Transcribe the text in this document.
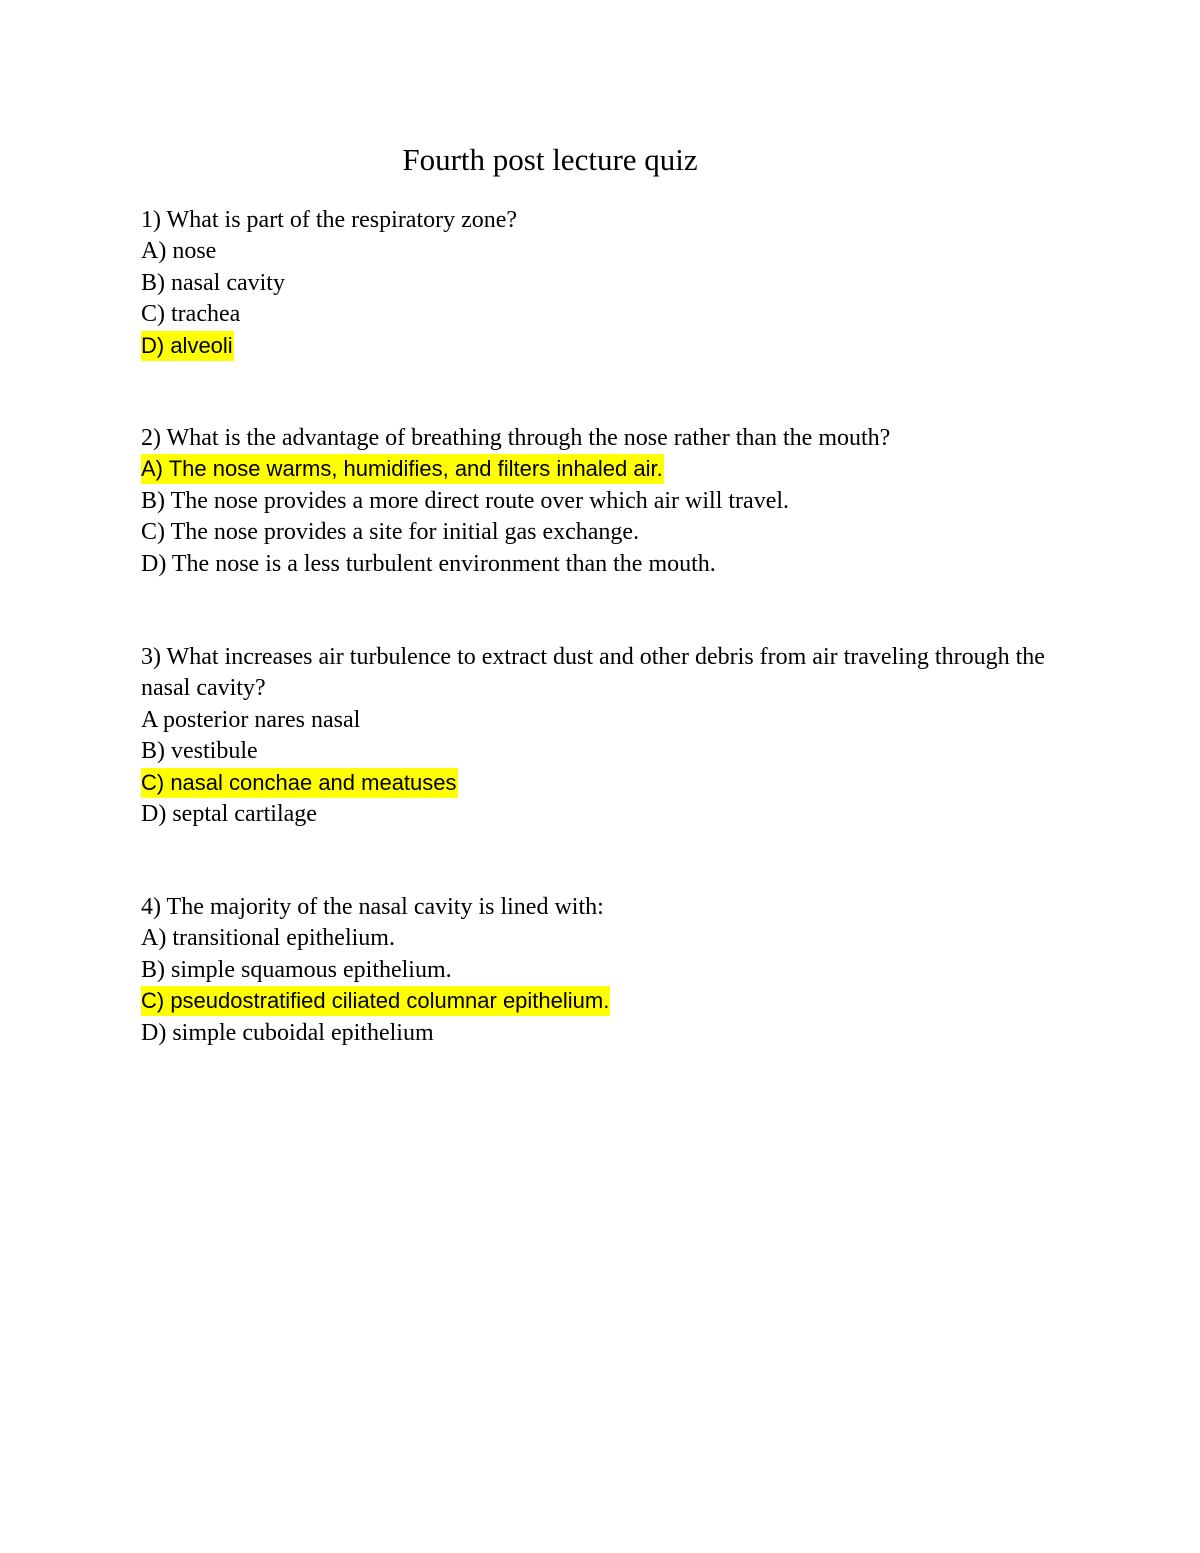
Fourth post lecture quiz
1) What is part of the respiratory zone?
A) nose
B) nasal cavity
C) trachea
D) alveoli
2) What is the advantage of breathing through the nose rather than the mouth?
A) The nose warms, humidifies, and filters inhaled air.
B) The nose provides a more direct route over which air will travel.
C) The nose provides a site for initial gas exchange.
D) The nose is a less turbulent environment than the mouth.
3) What increases air turbulence to extract dust and other debris from air traveling through the nasal cavity?
A posterior nares nasal
B) vestibule
C) nasal conchae and meatuses
D) septal cartilage
4) The majority of the nasal cavity is lined with:
A) transitional epithelium.
B) simple squamous epithelium.
C) pseudostratified ciliated columnar epithelium.
D) simple cuboidal epithelium
